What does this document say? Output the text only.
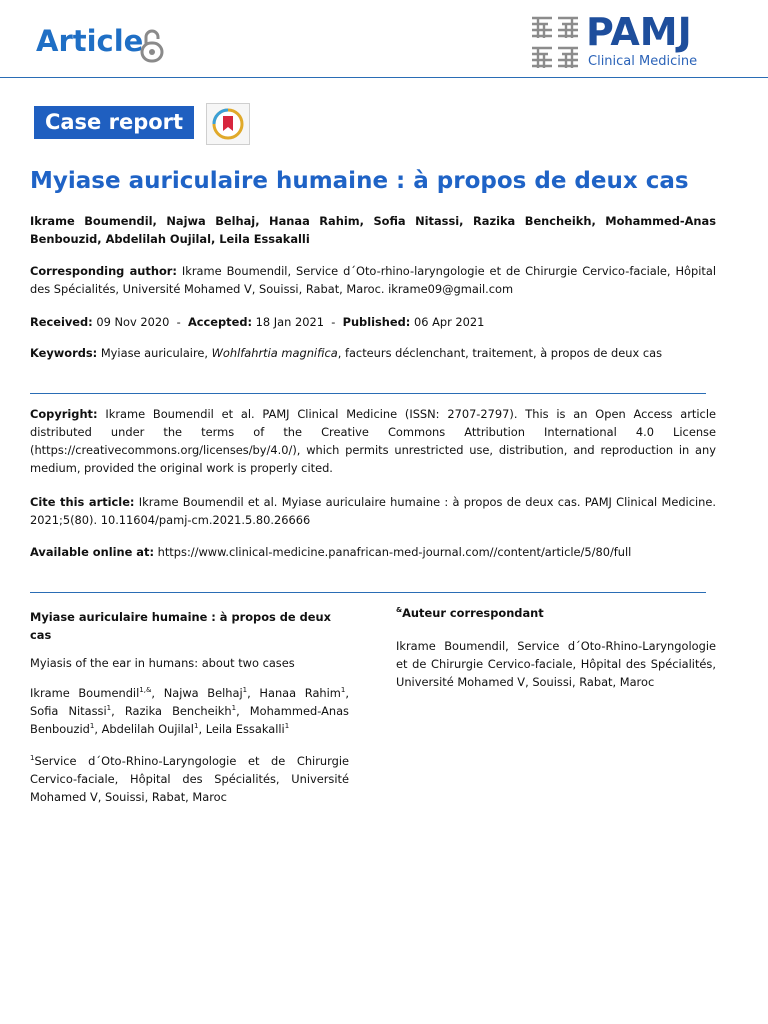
Article	PAMJ
Clinical Medicine
Case report
Myiase auriculaire humaine : à propos de deux cas
Ikrame Boumendil, Najwa Belhaj, Hanaa Rahim, Sofia Nitassi, Razika Bencheikh, Mohammed-Anas Benbouzid, Abdelilah Oujilal, Leila Essakalli
Corresponding author: Ikrame Boumendil, Service d´Oto-rhino-laryngologie et de Chirurgie Cervico-faciale, Hôpital des Spécialités, Université Mohamed V, Souissi, Rabat, Maroc. ikrame09@gmail.com
Received: 09 Nov 2020 - Accepted: 18 Jan 2021 - Published: 06 Apr 2021
Keywords: Myiase auriculaire, Wohlfahrtia magnifica, facteurs déclenchant, traitement, à propos de deux cas
Copyright: Ikrame Boumendil et al. PAMJ Clinical Medicine (ISSN: 2707-2797). This is an Open Access article distributed under the terms of the Creative Commons Attribution International 4.0 License (https://creativecommons.org/licenses/by/4.0/), which permits unrestricted use, distribution, and reproduction in any medium, provided the original work is properly cited.
Cite this article: Ikrame Boumendil et al. Myiase auriculaire humaine : à propos de deux cas. PAMJ Clinical Medicine. 2021;5(80). 10.11604/pamj-cm.2021.5.80.26666
Available online at: https://www.clinical-medicine.panafrican-med-journal.com//content/article/5/80/full

Myiase auriculaire humaine : à propos de deux cas

Myiasis of the ear in humans: about two cases

Ikrame Boumendil$^{1,\&}$, Najwa Belhaj$^1$, Hanaa Rahim$^1$, Sofia Nitassi$^1$, Razika Bencheikh$^1$, Mohammed-Anas Benbouzid$^1$, Abdelilah Oujilal$^1$, Leila Essakalli$^1$

$^1$Service d´Oto-Rhino-Laryngologie et de Chirurgie Cervico-faciale, Hôpital des Spécialités, Université Mohamed V, Souissi, Rabat, Maroc

&Auteur correspondant

Ikrame Boumendil, Service d´Oto-Rhino-Laryngologie et de Chirurgie Cervico-faciale, Hôpital des Spécialités, Université Mohamed V, Souissi, Rabat, Maroc
